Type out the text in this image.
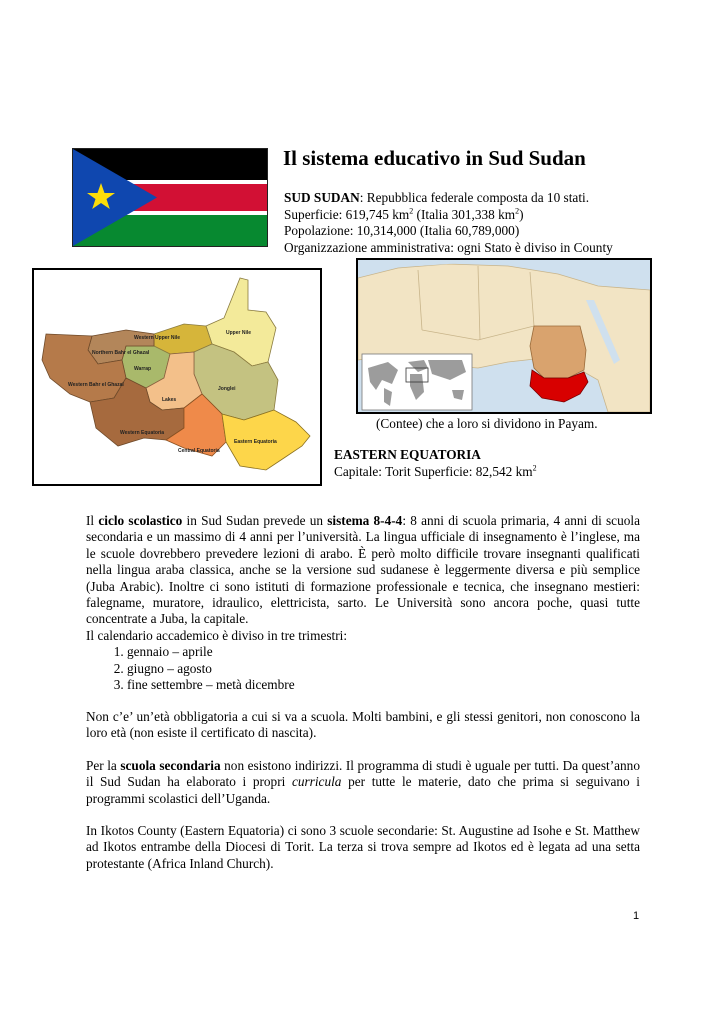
Il sistema educativo in Sud Sudan
SUD SUDAN: Repubblica federale composta da 10 stati.
Superficie: 619,745 $km^2$ (Italia 301,338 $km^2$)
Popolazione: 10,314,000 (Italia 60,789,000)
Organizzazione amministrativa: ogni Stato è diviso in County
Western Upper Nile
Upper Nile
Northern Bahr el Ghazal
Warrap
Western Bahr el Ghazal
Jonglei
Lakes
Western Equatoria
Eastern Equatoria
Central Equatoria
(Contee) che a loro si dividono in Payam.
EASTERN EQUATORIA
Capitale: Torit Superficie: 82,542 $km^2$

Il ciclo scolastico in Sud Sudan prevede un sistema 8-4-4: 8 anni di scuola primaria, 4 anni di scuola secondaria e un massimo di 4 anni per l’università. La lingua ufficiale di insegnamento è l’inglese, ma le scuole dovrebbero prevedere lezioni di arabo. È però molto difficile trovare insegnanti qualificati nella lingua araba classica, anche se la versione sud sudanese è leggermente diversa e più semplice (Juba Arabic). Inoltre ci sono istituti di formazione professionale e tecnica, che insegnano mestieri: falegname, muratore, idraulico, elettricista, sarto. Le Università sono ancora poche, quasi tutte concentrate a Juba, la capitale.

Il calendario accademico è diviso in tre trimestri:

1. gennaio – aprile
2. giugno – agosto
3. fine settembre – metà dicembre
Non c’e’ un’età obbligatoria a cui si va a scuola. Molti bambini, e gli stessi genitori, non conoscono la loro età (non esiste il certificato di nascita).
Per la scuola secondaria non esistono indirizzi. Il programma di studi è uguale per tutti. Da quest’anno il Sud Sudan ha elaborato i propri curricula per tutte le materie, dato che prima si seguivano i programmi scolastici dell’Uganda.
In Ikotos County (Eastern Equatoria) ci sono 3 scuole secondarie: St. Augustine ad Isohe e St. Matthew ad Ikotos entrambe della Diocesi di Torit. La terza si trova sempre ad Ikotos ed è legata ad una setta protestante (Africa Inland Church).
1
